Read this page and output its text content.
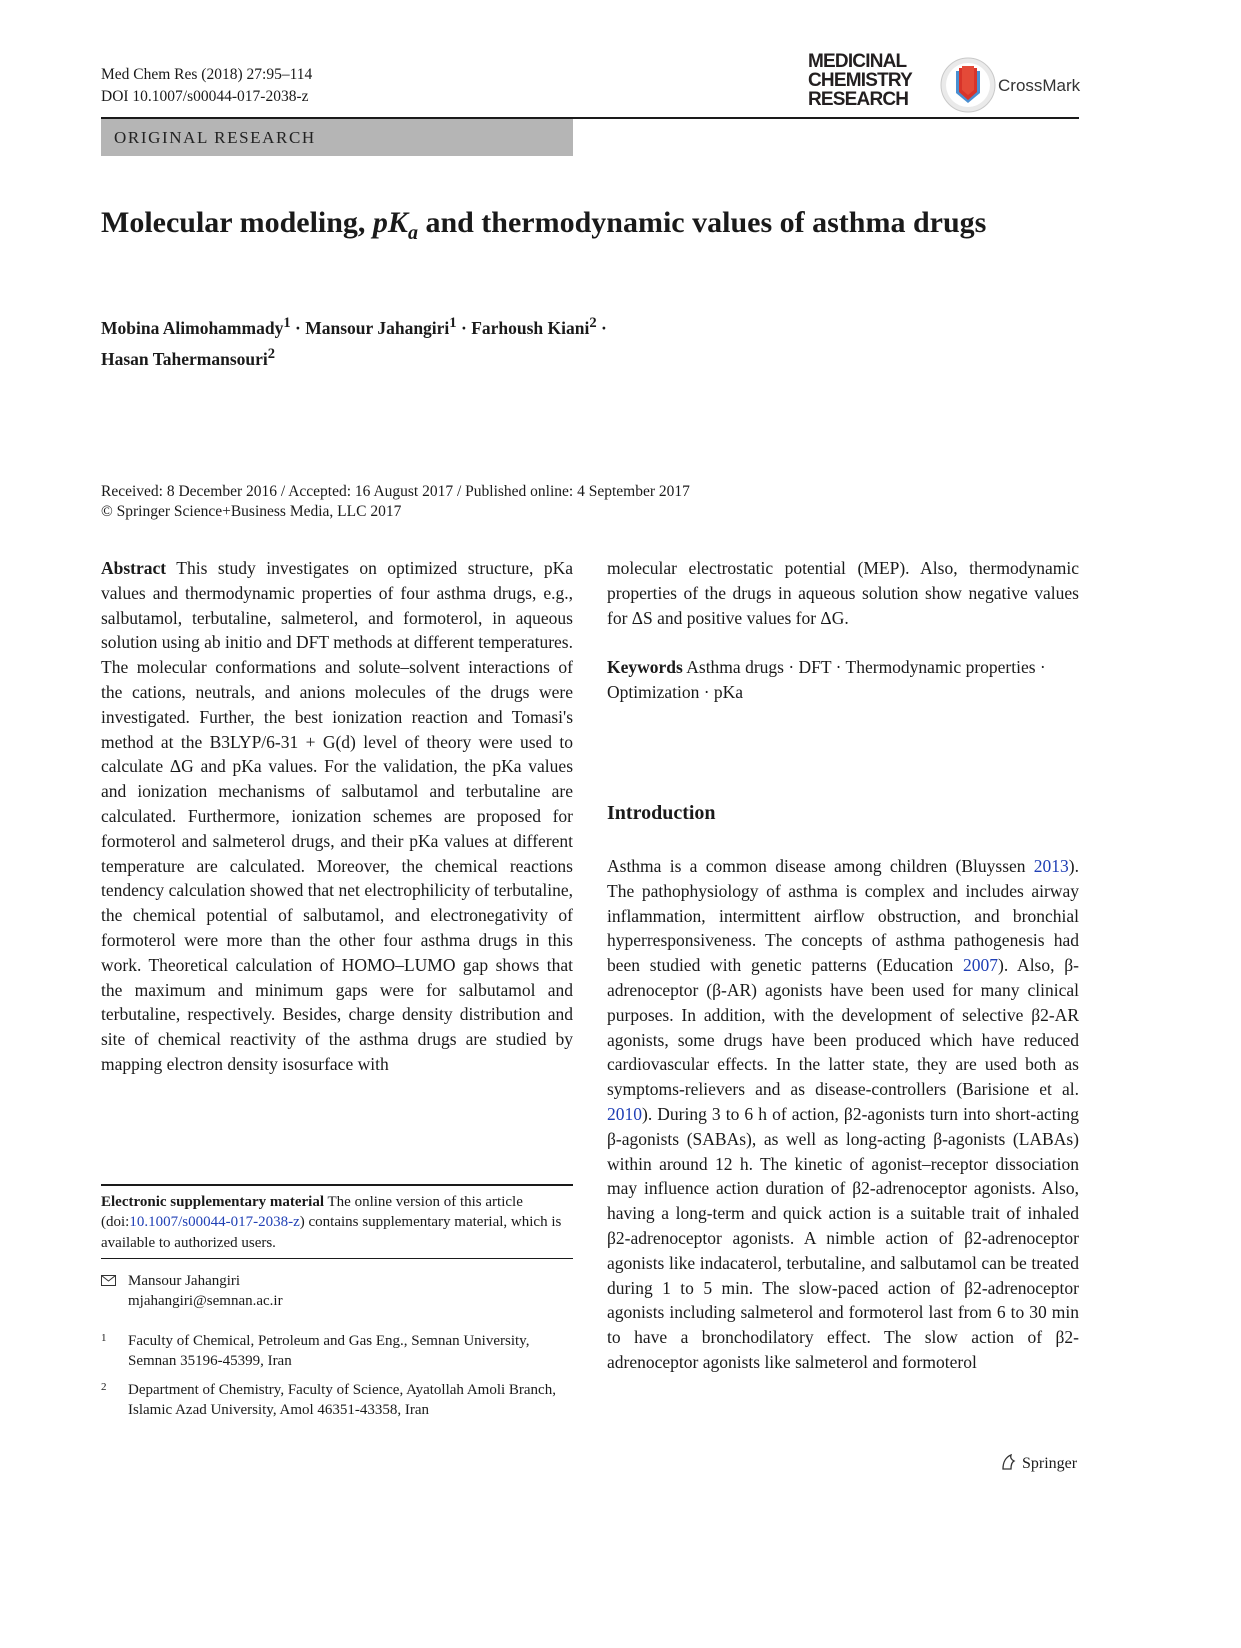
Med Chem Res (2018) 27:95–114
DOI 10.1007/s00044-017-2038-z
MEDICINAL
CHEMISTRY
RESEARCH
CrossMark
ORIGINAL RESEARCH
Molecular modeling, $pK_a$ and thermodynamic values of asthma drugs
Mobina Alimohammady$^1$ · Mansour Jahangiri$^1$ · Farhoush Kiani$^2$ ·
Hasan Tahermansouri$^2$
Received: 8 December 2016 / Accepted: 16 August 2017 / Published online: 4 September 2017
© Springer Science+Business Media, LLC 2017

Abstract This study investigates on optimized structure, pKa values and thermodynamic properties of four asthma drugs, e.g., salbutamol, terbutaline, salmeterol, and formoterol, in aqueous solution using ab initio and DFT methods at different temperatures. The molecular conformations and solute–solvent interactions of the cations, neutrals, and anions molecules of the drugs were investigated. Further, the best ionization reaction and Tomasi's method at the B3LYP/6-31 + G(d) level of theory were used to calculate ΔG and pKa values. For the validation, the pKa values and ionization mechanisms of salbutamol and terbutaline are calculated. Furthermore, ionization schemes are proposed for formoterol and salmeterol drugs, and their pKa values at different temperature are calculated. Moreover, the chemical reactions tendency calculation showed that net electrophilicity of terbutaline, the chemical potential of salbutamol, and electronegativity of formoterol were more than the other four asthma drugs in this work. Theoretical calculation of HOMO–LUMO gap shows that the maximum and minimum gaps were for salbutamol and terbutaline, respectively. Besides, charge density distribution and site of chemical reactivity of the asthma drugs are studied by mapping electron density isosurface with

molecular electrostatic potential (MEP). Also, thermodynamic properties of the drugs in aqueous solution show negative values for ΔS and positive values for ΔG.

Keywords Asthma drugs · DFT · Thermodynamic properties · Optimization · pKa

Introduction

Asthma is a common disease among children (Bluyssen 2013). The pathophysiology of asthma is complex and includes airway inflammation, intermittent airflow obstruction, and bronchial hyperresponsiveness. The concepts of asthma pathogenesis had been studied with genetic patterns (Education 2007). Also, β-adrenoceptor (β-AR) agonists have been used for many clinical purposes. In addition, with the development of selective β2-AR agonists, some drugs have been produced which have reduced cardiovascular effects. In the latter state, they are used both as symptoms-relievers and as disease-controllers (Barisione et al. 2010). During 3 to 6 h of action, β2-agonists turn into short-acting β-agonists (SABAs), as well as long-acting β-agonists (LABAs) within around 12 h. The kinetic of agonist–receptor dissociation may influence action duration of β2-adrenoceptor agonists. Also, having a long-term and quick action is a suitable trait of inhaled β2-adrenoceptor agonists. A nimble action of β2-adrenoceptor agonists like indacaterol, terbutaline, and salbutamol can be treated during 1 to 5 min. The slow-paced action of β2-adrenoceptor agonists including salmeterol and formoterol last from 6 to 30 min to have a bronchodilatory effect. The slow action of β2-adrenoceptor agonists like salmeterol and formoterol

Electronic supplementary material The online version of this article (doi:10.1007/s00044-017-2038-z) contains supplementary material, which is available to authorized users.
Mansour Jahangiri
mjahangiri@semnan.ac.ir
1 Faculty of Chemical, Petroleum and Gas Eng., Semnan University, Semnan 35196-45399, Iran
2 Department of Chemistry, Faculty of Science, Ayatollah Amoli Branch, Islamic Azad University, Amol 46351-43358, Iran
Springer
